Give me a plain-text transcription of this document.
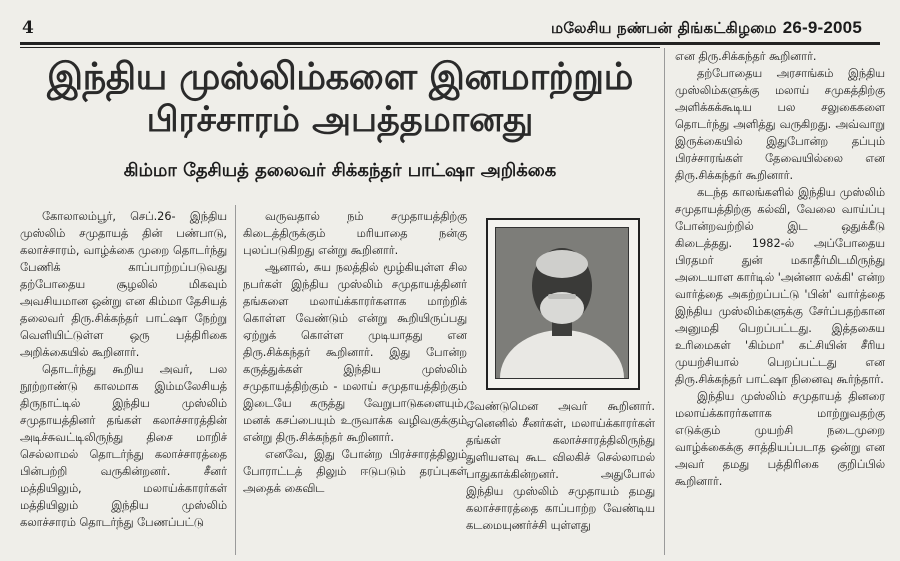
4	மலேசிய நண்பன் திங்கட்கிழமை 26-9-2005
இந்திய முஸ்லிம்களை இனமாற்றும்
பிரச்சாரம் அபத்தமானது
கிம்மா தேசியத் தலைவர் சிக்கந்தர் பாட்ஷா அறிக்கை

கோலாலம்பூர், செப்.26- இந்திய முஸ்லிம் சமுதாயத் தின் பண்பாடு, கலாச்சாரம், வாழ்க்கை முறை தொடர்ந்து பேணிக் காப்பாற்றப்படுவது தற்போதைய சூழலில் மிகவும் அவசியமான ஒன்று என கிம்மா தேசியத் தலைவர் திரு.சிக்கந்தர் பாட்ஷா நேற்று வெளியிட்டுள்ள ஒரு பத்திரிகை அறிக்கையில் கூறினார்.

தொடர்ந்து கூறிய அவர், பல நூற்றாண்டு காலமாக இம்மலேசியத் திருநாட்டில் இந்திய முஸ்லிம் சமுதாயத்தினர் தங்கள் கலாச்சாரத்தின் அடிச்சுவட்டிலிருந்து திசை மாறிச் செல்லாமல் தொடர்ந்து கலாச்சாரத்தை பின்பற்றி வருகின்றனர். சீனர் மத்தியிலும், மலாய்க்காரர்கள் மத்தியிலும் இந்திய முஸ்லிம் கலாச்சாரம் தொடர்ந்து பேணப்பட்டு

வருவதால் நம் சமுதாயத்திற்கு கிடைத்திருக்கும் மரியாதை நன்கு புலப்படுகிறது என்று கூறினார்.

ஆனால், சுய நலத்தில் மூழ்கியுள்ள சில நபர்கள் இந்திய முஸ்லிம் சமுதாயத்தினர் தங்களை மலாய்க்காரர்களாக மாற்றிக் கொள்ள வேண்டும் என்று கூறியிருப்பது ஏற்றுக் கொள்ள முடியாதது என திரு.சிக்கந்தர் கூறினார். இது போன்ற கருத்துக்கள் இந்திய முஸ்லிம் சமுதாயத்திற்கும் - மலாய் சமுதாயத்திற்கும் இடையே கருத்து வேறுபாடுகளையும், மனக் கசப்பையும் உருவாக்க வழிவகுக்கும் என்று திரு.சிக்கந்தர் கூறினார்.

எனவே, இது போன்ற பிரச்சாரத்திலும் போராட்டத் திலும் ஈடுபடும் தரப்புகள் அதைக் கைவிட

வேண்டுமென அவர் கூறினார். ஏனெனில் சீனர்கள், மலாய்க்காரர்கள் தங்கள் கலாச்சாரத்திலிருந்து துளியளவு கூட விலகிச் செல்லாமல் பாதுகாக்கின்றனர். அதுபோல் இந்திய முஸ்லிம் சமுதாயம் தமது கலாச்சாரத்தை காப்பாற்ற வேண்டிய கடமையுணர்ச்சி யுள்ளது

என திரு.சிக்கந்தர் கூறினார்.

தற்போதைய அரசாங்கம் இந்திய முஸ்லிம்களுக்கு மலாய் சமுகத்திற்கு அளிக்கக்கூடிய பல சலுகைகளை தொடர்ந்து அளித்து வருகிறது. அவ்வாறு இருக்கையில் இதுபோன்ற தப்பும் பிரச்சாரங்கள் தேவையில்லை என திரு.சிக்கந்தர் கூறினார்.

கடந்த காலங்களில் இந்திய முஸ்லிம் சமுதாயத்திற்கு கல்வி, வேலை வாய்ப்பு போன்றவற்றில் இட ஒதுக்கீடு கிடைத்தது. 1982-ல் அப்போதைய பிரதமர் துன் மகாதீர்மிடமிருந்து அடையாள கார்டில் 'அன்னா லக்கி' என்ற வார்த்தை அகற்றப்பட்டு 'பின்' வார்த்தை இந்திய முஸ்லிம்களுக்கு சேர்ப்பதற்கான அனுமதி பெறப்பட்டது. இத்தகைய உரிமைகள் 'கிம்மா' கட்சியின் சீரிய முயற்சியால் பெறப்பட்டது என திரு.சிக்கந்தர் பாட்ஷா நினைவு கூர்ந்தார்.

இந்திய முஸ்லிம் சமுதாயத் தினரை மலாய்க்காரர்களாக மாற்றுவதற்கு எடுக்கும் முயற்சி நடைமுறை வாழ்க்கைக்கு சாத்தியப்படாத ஒன்று என அவர் தமது பத்திரிகை குறிப்பில் கூறினார்.
